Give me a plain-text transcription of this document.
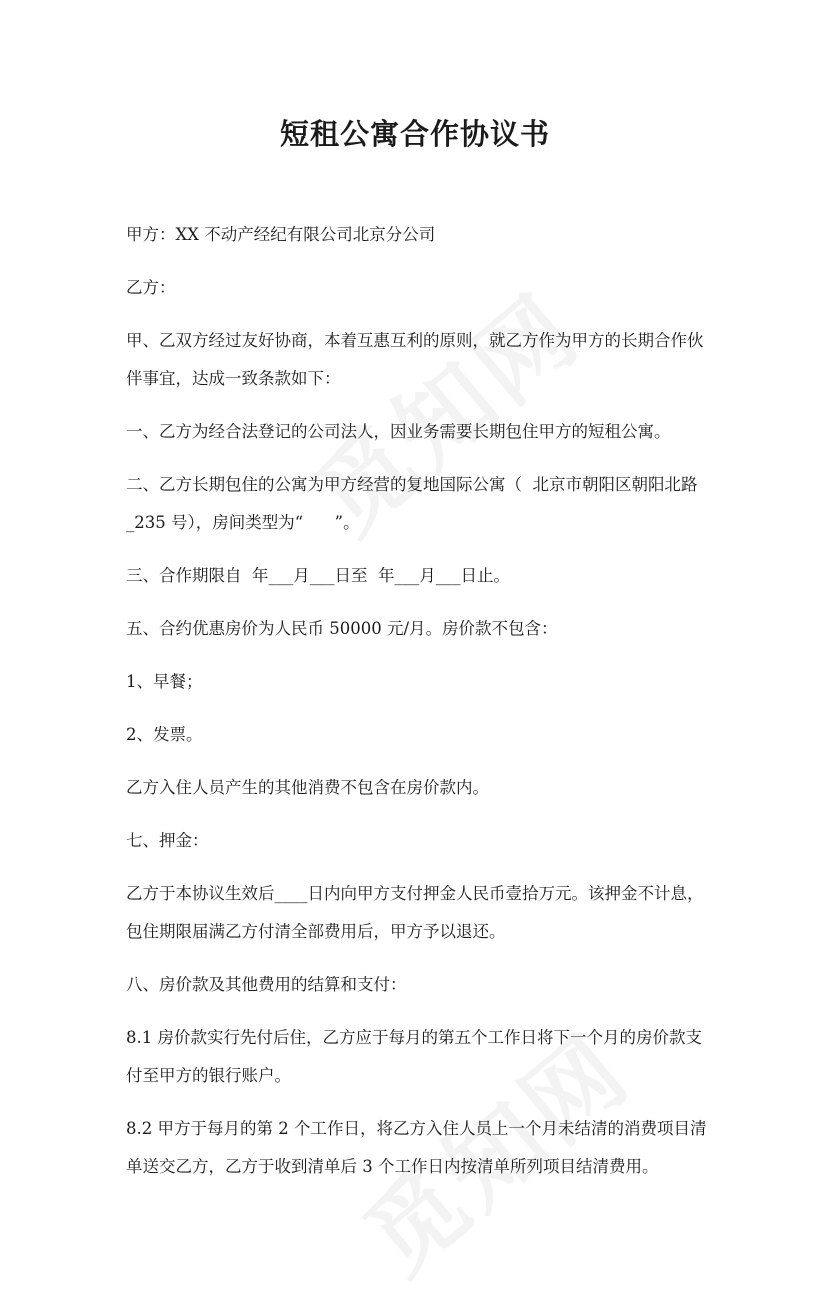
短租公寓合作协议书

甲方：XX 不动产经纪有限公司北京分公司

乙方：

甲、乙双方经过友好协商，本着互惠互利的原则，就乙方作为甲方的长期合作伙伴事宜，达成一致条款如下：

一、乙方为经合法登记的公司法人，因业务需要长期包住甲方的短租公寓。

二、乙方长期包住的公寓为甲方经营的复地国际公寓（  北京市朝阳区朝阳北路_235 号），房间类型为“      ”。

三、合作期限自  年___月___日至  年___月___日止。

五、合约优惠房价为人民币 50000 元/月。房价款不包含：

1、早餐；

2、发票。

乙方入住人员产生的其他消费不包含在房价款内。

七、押金：

乙方于本协议生效后____日内向甲方支付押金人民币壹拾万元。该押金不计息，包住期限届满乙方付清全部费用后，甲方予以退还。

八、房价款及其他费用的结算和支付：

8.1 房价款实行先付后住，乙方应于每月的第五个工作日将下一个月的房价款支付至甲方的银行账户。

8.2 甲方于每月的第 2 个工作日，将乙方入住人员上一个月未结清的消费项目清单送交乙方，乙方于收到清单后 3 个工作日内按清单所列项目结清费用。
